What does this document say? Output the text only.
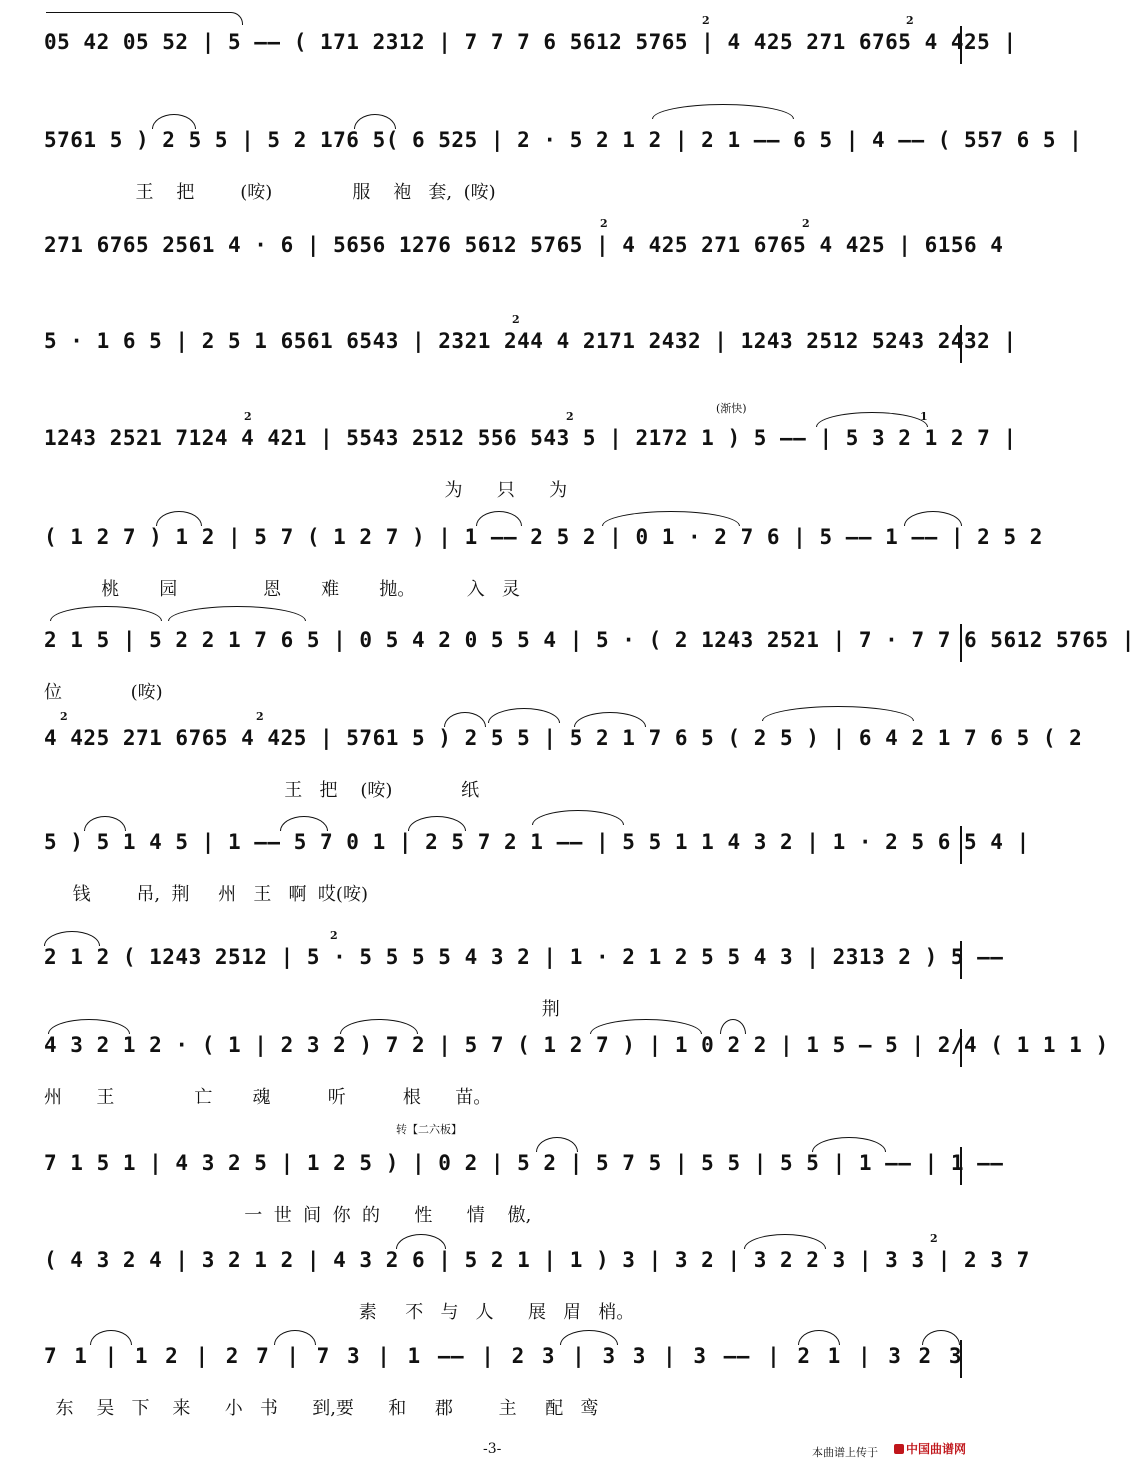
05 42 05 52 | 5 —— ( 171 2312 | 7 7 7 6 5612 5765 | 4 425 271 6765 4 425 |
2	2
5761 5 ) 2 5 5 | 5 2 176 5( 6 525 | 2 · 5 2 1 2 | 2 1 —— 6 5 | 4 —— ( 557 6 5 |
王    把        (咹)              服    袍   套,  (咹)
271 6765 2561 4 · 6 | 5656 1276 5612 5765 | 4 425 271 6765 4 425 | 6156 4
2	2
5 · 1 6 5 | 2 5 1 6561 6543 | 2321 244 4 2171 2432 | 1243 2512 5243 2432 |
2
(渐快)
1243 2521 7124 4 421 | 5543 2512 556 543 5 | 2172 1 ) 5 —— | 5 3 2 1 2 7 |
2	2	1
为      只      为
( 1 2 7 ) 1 2 | 5 7 ( 1 2 7 ) | 1 —— 2 5 2 | 0 1 · 2 7 6 | 5 —— 1 —— | 2 5 2
桃       园               恩       难       抛。         入   灵
2 1 5 | 5 2 2 1 7 6 5 | 0 5 4 2 0 5 5 4 | 5 · ( 2 1243 2521 | 7 · 7 7 6 5612 5765 |
位            (咹)
4 425 271 6765 4 425 | 5761 5 ) 2 5 5 | 5 2 1 7 6 5 ( 2 5 ) | 6 4 2 1 7 6 5 ( 2
2	2
王   把    (咹)            纸
5 ) 5 1 4 5 | 1 —— 5 7 0 1 | 2 5 7 2 1 —— | 5 5 1 1 4 3 2 | 1 · 2 5 6 5 4 |
钱        吊,  荆     州   王   啊  哎(咹)
2 1 2 ( 1243 2512 | 5 · 5 5 5 5 4 3 2 | 1 · 2 1 2 5 5 4 3 | 2313 2 ) 5 ——
2
荆
4 3 2 1 2 · ( 1 | 2 3 2 ) 7 2 | 5 7 ( 1 2 7 ) | 1 0 2 2 | 1 5 — 5 | 2/4 ( 1 1 1 )
州      王              亡       魂          听          根      苗。
转【二六板】
7 1 5 1 | 4 3 2 5 | 1 2 5 ) | 0 2 | 5 2 | 5 7 5 | 5 5 | 5 5 | 1 —— | 1 ——
一  世  间  你  的      性      情    傲,
( 4 3 2 4 | 3 2 1 2 | 4 3 2 6 | 5 2 1 | 1 ) 3 | 3 2 | 3 2 2 3 | 3 3 | 2 3 7
2
素     不   与   人      展   眉   梢。
7 1 | 1 2 | 2 7 | 7 3 | 1 —— | 2 3 | 3 3 | 3 —— | 2 1 | 3 2 3
东    吴   下    来      小   书      到,要      和     郡        主     配   鸾
-3-	本曲谱上传于	中国曲谱网
